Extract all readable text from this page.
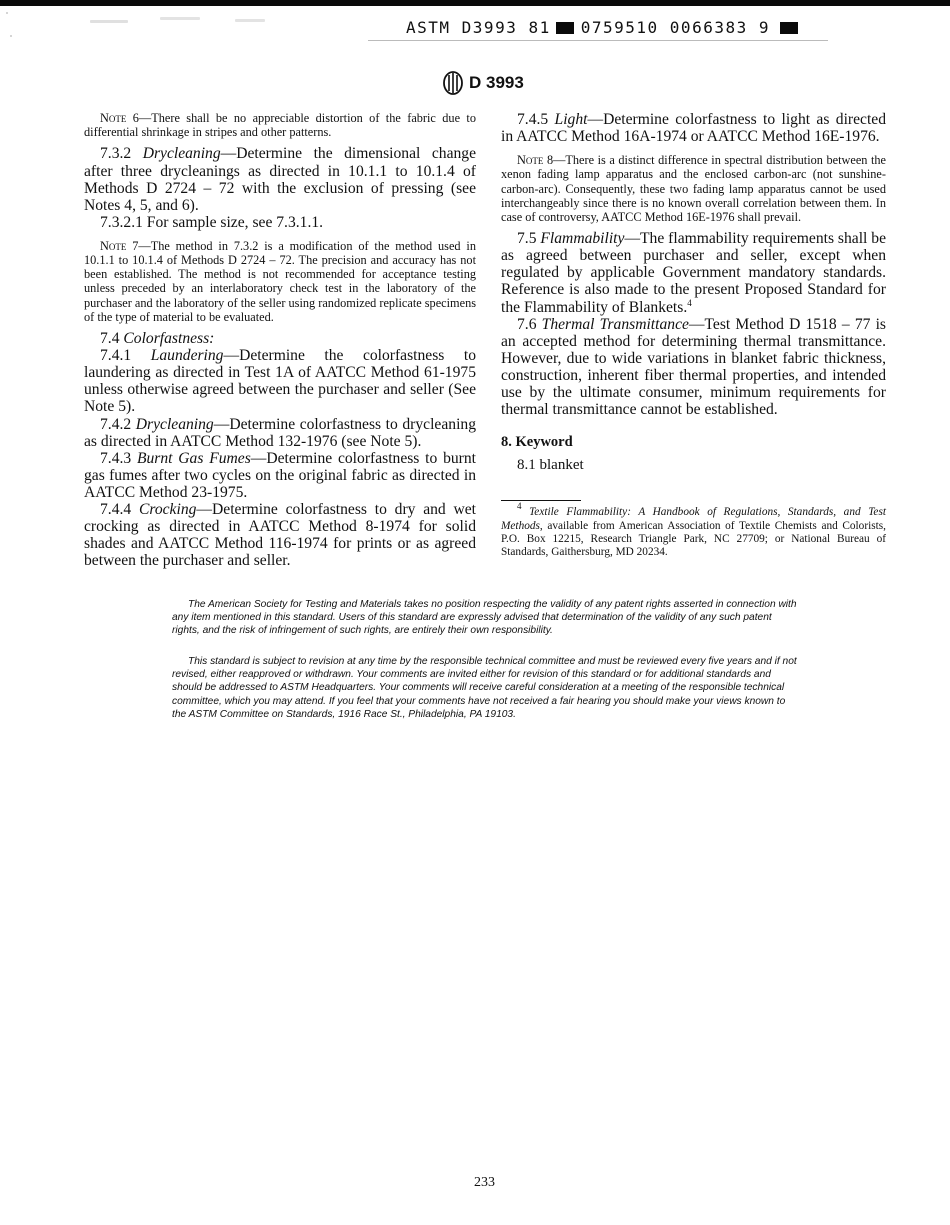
ASTM D3993 81 0759510 0066383 9
D 3993

Note 6—There shall be no appreciable distortion of the fabric due to differential shrinkage in stripes and other patterns.

7.3.2 Drycleaning—Determine the dimensional change after three drycleanings as directed in 10.1.1 to 10.1.4 of Methods D 2724 – 72 with the exclusion of pressing (see Notes 4, 5, and 6).

7.3.2.1 For sample size, see 7.3.1.1.

Note 7—The method in 7.3.2 is a modification of the method used in 10.1.1 to 10.1.4 of Methods D 2724 – 72. The precision and accuracy has not been established. The method is not recommended for acceptance testing unless preceded by an interlaboratory check test in the laboratory of the purchaser and the laboratory of the seller using randomized replicate specimens of the type of material to be evaluated.

7.4 Colorfastness:

7.4.1 Laundering—Determine the colorfastness to laundering as directed in Test 1A of AATCC Method 61-1975 unless otherwise agreed between the purchaser and seller (See Note 5).

7.4.2 Drycleaning—Determine colorfastness to drycleaning as directed in AATCC Method 132-1976 (see Note 5).

7.4.3 Burnt Gas Fumes—Determine colorfastness to burnt gas fumes after two cycles on the original fabric as directed in AATCC Method 23-1975.

7.4.4 Crocking—Determine colorfastness to dry and wet crocking as directed in AATCC Method 8-1974 for solid shades and AATCC Method 116-1974 for prints or as agreed between the purchaser and seller.

7.4.5 Light—Determine colorfastness to light as directed in AATCC Method 16A-1974 or AATCC Method 16E-1976.

Note 8—There is a distinct difference in spectral distribution between the xenon fading lamp apparatus and the enclosed carbon-arc (not sunshine-carbon-arc). Consequently, these two fading lamp apparatus cannot be used interchangeably since there is no known overall correlation between them. In case of controversy, AATCC Method 16E-1976 shall prevail.

7.5 Flammability—The flammability requirements shall be as agreed between purchaser and seller, except when regulated by applicable Government mandatory standards. Reference is also made to the present Proposed Standard for the Flammability of Blankets.$^4$

7.6 Thermal Transmittance—Test Method D 1518 – 77 is an accepted method for determining thermal transmittance. However, due to wide variations in blanket fabric thickness, construction, inherent fiber thermal properties, and intended use by the ultimate consumer, minimum requirements for thermal transmittance cannot be established.

8. Keyword

8.1 blanket

$^4$ Textile Flammability: A Handbook of Regulations, Standards, and Test Methods, available from American Association of Textile Chemists and Colorists, P.O. Box 12215, Research Triangle Park, NC 27709; or National Bureau of Standards, Gaithersburg, MD 20234.

The American Society for Testing and Materials takes no position respecting the validity of any patent rights asserted in connection with any item mentioned in this standard. Users of this standard are expressly advised that determination of the validity of any such patent rights, and the risk of infringement of such rights, are entirely their own responsibility.

This standard is subject to revision at any time by the responsible technical committee and must be reviewed every five years and if not revised, either reapproved or withdrawn. Your comments are invited either for revision of this standard or for additional standards and should be addressed to ASTM Headquarters. Your comments will receive careful consideration at a meeting of the responsible technical committee, which you may attend. If you feel that your comments have not received a fair hearing you should make your views known to the ASTM Committee on Standards, 1916 Race St., Philadelphia, PA 19103.

233
